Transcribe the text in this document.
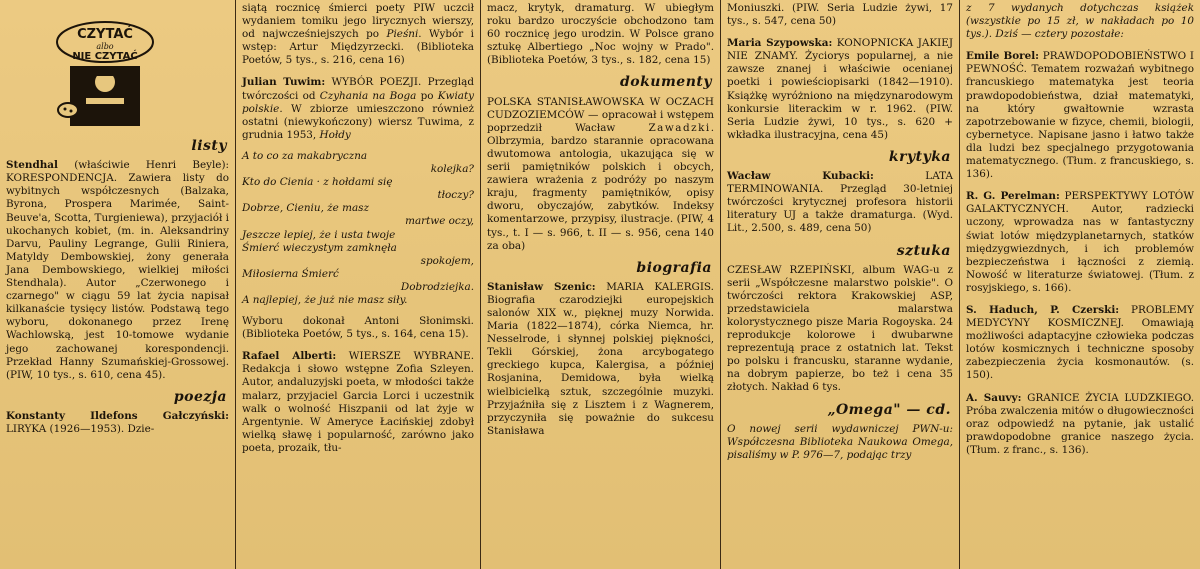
CZYTAĆ
albo
NIE CZYTAĆ
listy

Stendhal (właściwie Henri Beyle): KORESPONDENCJA. Zawiera listy do wybitnych współczesnych (Balzaka, Byrona, Prospera Marimée, Saint-Beuve'a, Scotta, Turgieniewa), przyjaciół i ukochanych kobiet, (m. in. Aleksandriny Darvu, Pauliny Legrange, Gulii Riniera, Matyldy Dembowskiej, żony generała Jana Dembowskiego, wielkiej miłości Stendhala). Autor „Czerwonego i czarnego" w ciągu 59 lat życia napisał kilkanaście tysięcy listów. Podstawą tego wyboru, dokonanego przez Irenę Wachlowską, jest 10-tomowe wydanie jego zachowanej korespondencji. Przekład Hanny Szumańskiej-Grossowej. (PIW, 10 tys., s. 610, cena 45).

poezja

Konstanty Ildefons Gałczyński: LIRYKA (1926—1953). Dzie-

siątą rocznicę śmierci poety PIW uczcił wydaniem tomiku jego lirycznych wierszy, od najwcześniejszych po Pieśni. Wybór i wstęp: Artur Międzyrzecki. (Biblioteka Poetów, 5 tys., s. 216, cena 16)

Julian Tuwim: WYBÓR POEZJI. Przegląd twórczości od Czyhania na Boga po Kwiaty polskie. W zbiorze umieszczono również ostatni (niewykończony) wiersz Tuwima, z grudnia 1953, Hołdy

A to co za makabryczna

kolejka?

Kto do Cienia · z hołdami się

tłoczy?

Dobrze, Cieniu, że masz

martwe oczy,

Jeszcze lepiej, że i usta twoje

Śmierć wieczystym zamknęła

spokojem,

Miłosierna Śmierć

Dobrodziejka.

A najlepiej, że już nie masz siły.

Wyboru dokonał Antoni Słonimski. (Biblioteka Poetów, 5 tys., s. 164, cena 15).

Rafael Alberti: WIERSZE WYBRANE. Redakcja i słowo wstępne Zofia Szleyen. Autor, andaluzyjski poeta, w młodości także malarz, przyjaciel Garcia Lorci i uczestnik walk o wolność Hiszpanii od lat żyje w Argentynie. W Ameryce Łacińskiej zdobył wielką sławę i popularność, zarówno jako poeta, prozaik, tłu-

macz, krytyk, dramaturg. W ubiegłym roku bardzo uroczyście obchodzono tam 60 rocznicę jego urodzin. W Polsce grano sztukę Albertiego „Noc wojny w Prado". (Biblioteka Poetów, 3 tys., s. 182, cena 15)

dokumenty

POLSKA STANISŁAWOWSKA W OCZACH CUDZOZIEMCÓW — opracował i wstępem poprzedził Wacław Zawadzki. Olbrzymia, bardzo starannie opracowana dwutomowa antologia, ukazująca się w serii pamiętników polskich i obcych, zawiera wrażenia z podróży po naszym kraju, fragmenty pamiętników, opisy dworu, obyczajów, zabytków. Indeksy komentarzowe, przypisy, ilustracje. (PIW, 4 tys., t. I — s. 966, t. II — s. 956, cena 140 za oba)

biografia

Stanisław Szenic: MARIA KALERGIS. Biografia czarodziejki europejskich salonów XIX w., pięknej muzy Norwida. Maria (1822—1874), córka Niemca, hr. Nesselrode, i słynnej polskiej piękności, Tekli Górskiej, żona arcybogatego greckiego kupca, Kalergisa, a później Rosjanina, Demidowa, była wielką wielbicielką sztuk, szczególnie muzyki. Przyjaźniła się z Lisztem i z Wagnerem, przyczyniła się poważnie do sukcesu Stanisława

Moniuszki. (PIW. Seria Ludzie żywi, 17 tys., s. 547, cena 50)

Maria Szypowska: KONOPNICKA JAKIEJ NIE ZNAMY. Życiorys popularnej, a nie zawsze znanej i właściwie ocenianej poetki i powieściopisarki (1842—1910). Książkę wyróżniono na międzynarodowym konkursie literackim w r. 1962. (PIW. Seria Ludzie żywi, 10 tys., s. 620 + wkładka ilustracyjna, cena 45)

krytyka

Wacław Kubacki: LATA TERMINOWANIA. Przegląd 30-letniej twórczości krytycznej profesora historii literatury UJ a także dramaturga. (Wyd. Lit., 2.500, s. 489, cena 50)

sztuka

CZESŁAW RZEPIŃSKI, album WAG-u z serii „Współczesne malarstwo polskie". O twórczości rektora Krakowskiej ASP, przedstawiciela malarstwa kolorystycznego pisze Maria Rogoyska. 24 reprodukcje kolorowe i dwubarwne reprezentują prace z ostatnich lat. Tekst po polsku i francusku, staranne wydanie, na dobrym papierze, bo też i cena 35 złotych. Nakład 6 tys.

„Omega" — cd.

O nowej serii wydawniczej PWN-u: Współczesna Biblioteka Naukowa Omega, pisaliśmy w P. 976—7, podając trzy

z 7 wydanych dotychczas książek (wszystkie po 15 zł, w nakładach po 10 tys.). Dziś — cztery pozostałe:

Emile Borel: PRAWDOPODOBIEŃSTWO I PEWNOŚĆ. Tematem rozważań wybitnego francuskiego matematyka jest teoria prawdopodobieństwa, dział matematyki, na który gwałtownie wzrasta zapotrzebowanie w fizyce, chemii, biologii, cybernetyce. Napisane jasno i łatwo także dla ludzi bez specjalnego przygotowania matematycznego. (Tłum. z francuskiego, s. 136).

R. G. Perelman: PERSPEKTYWY LOTÓW GALAKTYCZNYCH. Autor, radziecki uczony, wprowadza nas w fantastyczny świat lotów międzyplanetarnych, statków międzygwiezdnych, i ich problemów bezpieczeństwa i łączności z ziemią. Nowość w literaturze światowej. (Tłum. z rosyjskiego, s. 166).

S. Haduch, P. Czerski: PROBLEMY MEDYCYNY KOSMICZNEJ. Omawiają możliwości adaptacyjne człowieka podczas lotów kosmicznych i techniczne sposoby zabezpieczenia życia kosmonautów. (s. 150).

A. Sauvy: GRANICE ŻYCIA LUDZKIEGO. Próba zwalczenia mitów o długowieczności oraz odpowiedź na pytanie, jak ustalić prawdopodobne granice naszego życia. (Tłum. z franc., s. 136).
